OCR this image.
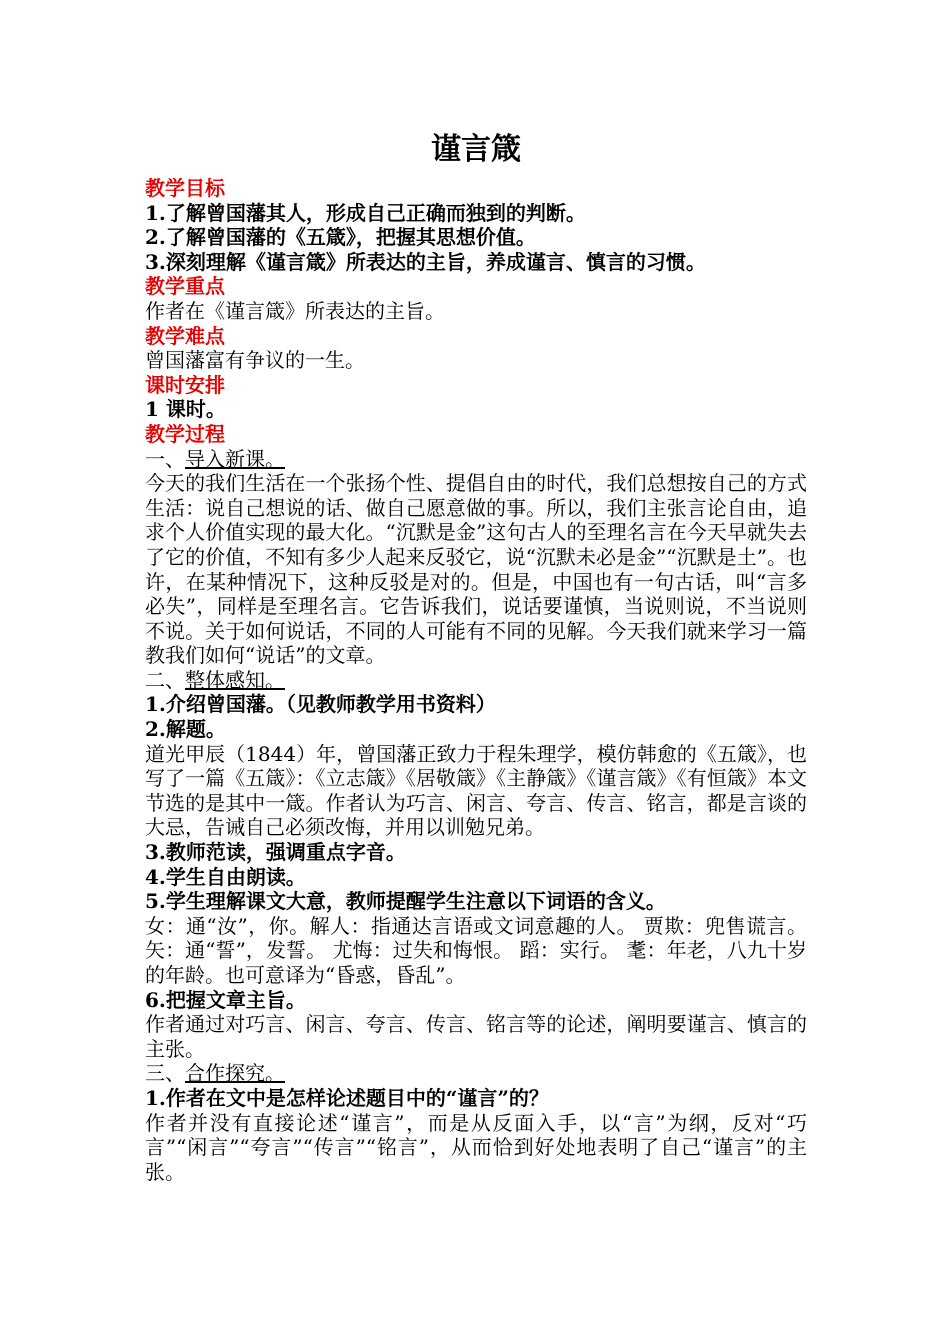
谨言箴
教学目标
1.了解曾国藩其人，形成自己正确而独到的判断。
2.了解曾国藩的《五箴》，把握其思想价值。
3.深刻理解《谨言箴》所表达的主旨，养成谨言、慎言的习惯。
教学重点
作者在《谨言箴》所表达的主旨。
教学难点
曾国藩富有争议的一生。
课时安排
1 课时。
教学过程
一、导入新课。
今天的我们生活在一个张扬个性、提倡自由的时代，我们总想按自己的方式生活：说自己想说的话、做自己愿意做的事。所以，我们主张言论自由，追求个人价值实现的最大化。“沉默是金”这句古人的至理名言在今天早就失去了它的价值，不知有多少人起来反驳它，说“沉默未必是金”“沉默是土”。也许，在某种情况下，这种反驳是对的。但是，中国也有一句古话，叫“言多必失”，同样是至理名言。它告诉我们，说话要谨慎，当说则说，不当说则不说。关于如何说话，不同的人可能有不同的见解。今天我们就来学习一篇教我们如何“说话”的文章。
二、整体感知。
1.介绍曾国藩。（见教师教学用书资料）
2.解题。
道光甲辰（1844）年，曾国藩正致力于程朱理学，模仿韩愈的《五箴》，也写了一篇《五箴》：《立志箴》《居敬箴》《主静箴》《谨言箴》《有恒箴》本文节选的是其中一箴。作者认为巧言、闲言、夸言、传言、铭言，都是言谈的大忌，告诫自己必须改悔，并用以训勉兄弟。
3.教师范读，强调重点字音。
4.学生自由朗读。
5.学生理解课文大意，教师提醒学生注意以下词语的含义。
女：通“汝”，你。解人：指通达言语或文词意趣的人。 贾欺：兜售谎言。 矢：通“誓”，发誓。 尤悔：过失和悔恨。 蹈：实行。 耄：年老，八九十岁的年龄。也可意译为“昏惑，昏乱”。
6.把握文章主旨。
作者通过对巧言、闲言、夸言、传言、铭言等的论述，阐明要谨言、慎言的主张。
三、合作探究。
1.作者在文中是怎样论述题目中的“谨言”的？
作者并没有直接论述“谨言”，而是从反面入手，以“言”为纲，反对“巧言”“闲言”“夸言”“传言”“铭言”，从而恰到好处地表明了自己“谨言”的主张。
